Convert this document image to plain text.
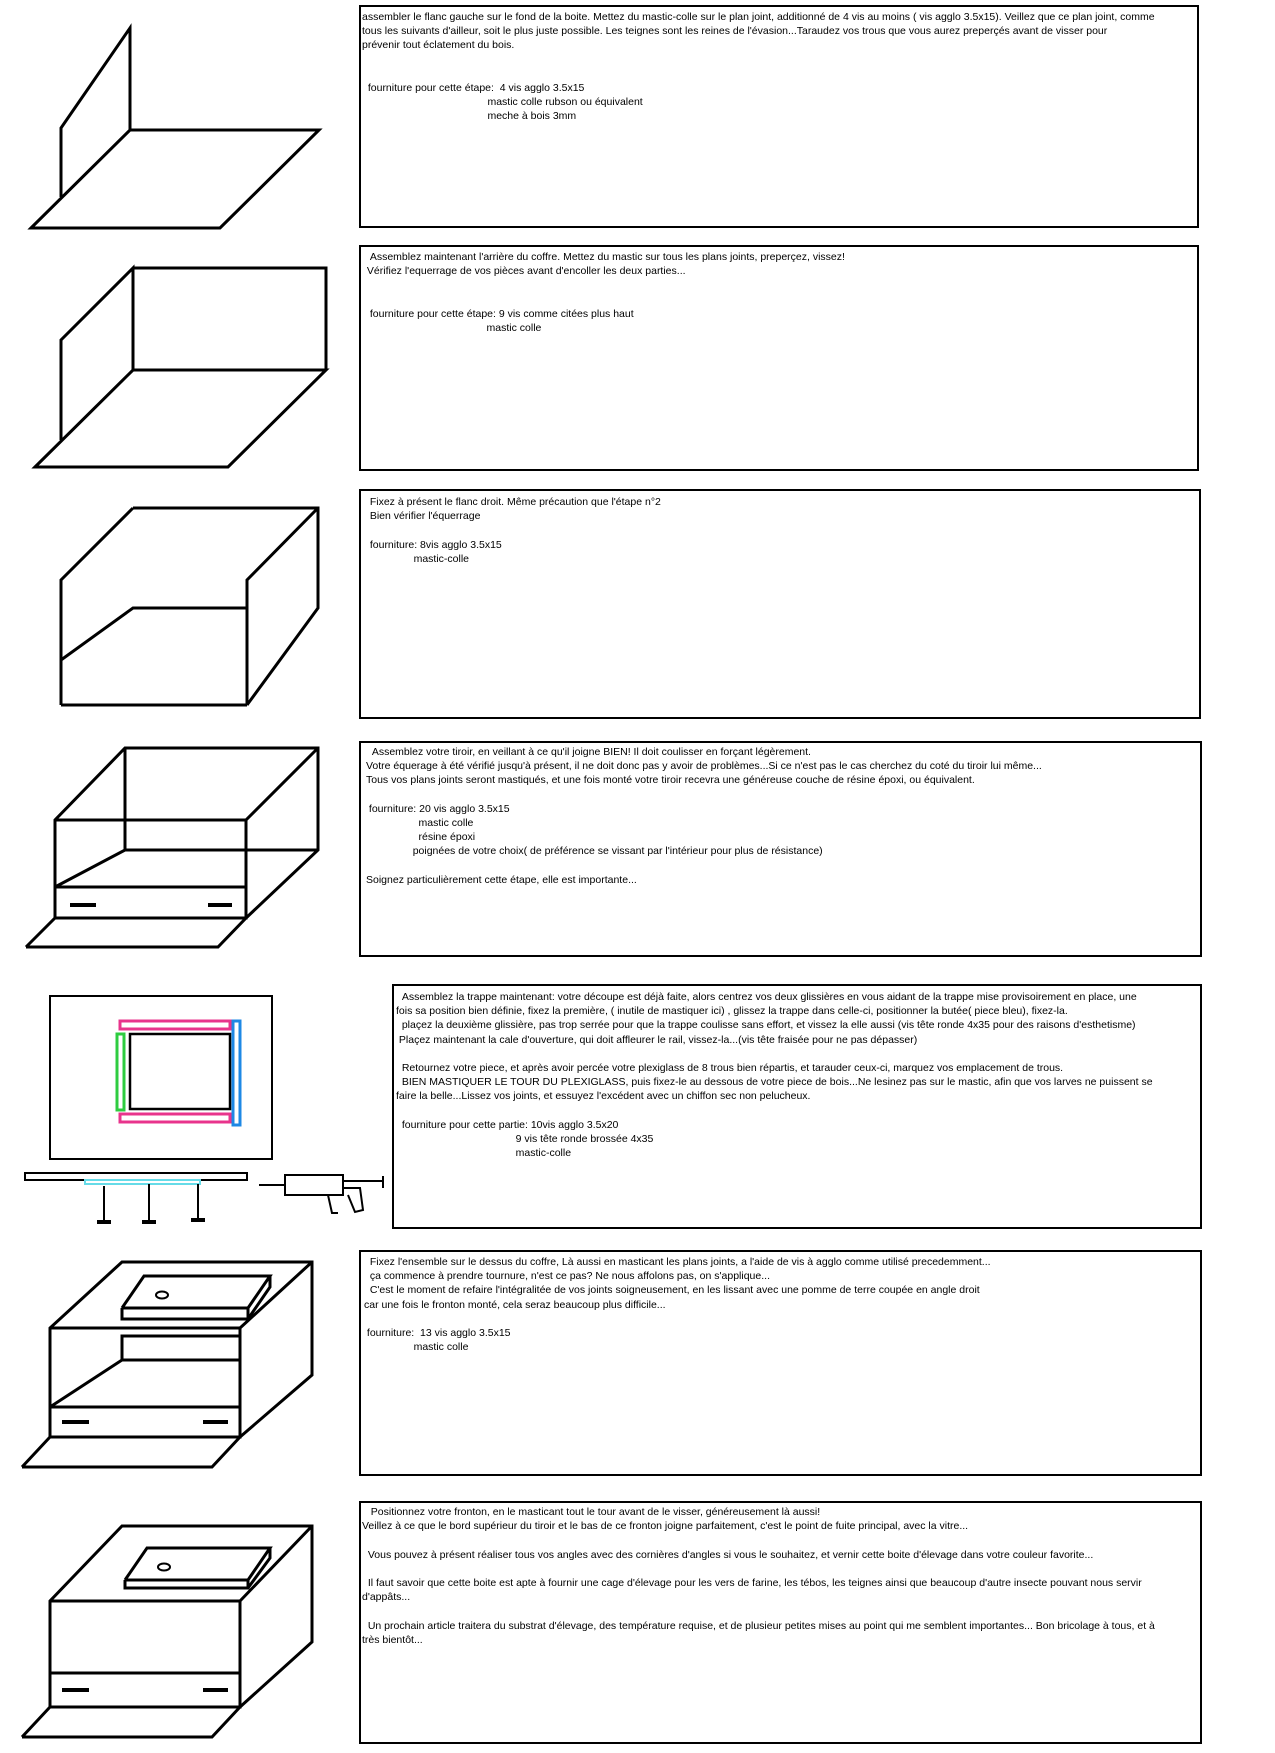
assembler le flanc gauche sur le fond de la boite. Mettez du mastic-colle sur le plan joint, additionné de 4 vis au moins ( vis agglo 3.5x15). Veillez que ce plan joint, comme
tous les suivants d'ailleur, soit le plus juste possible. Les teignes sont les reines de l'évasion...Taraudez vos trous que vous aurez preperçés avant de visser pour
prévenir tout éclatement du bois.

fourniture pour cette étape:  4 vis agglo 3.5x15
mastic colle rubson ou équivalent
meche à bois 3mm
Assemblez maintenant l'arrière du coffre. Mettez du mastic sur tous les plans joints, preperçez, vissez!
Vérifiez l'equerrage de vos pièces avant d'encoller les deux parties...

fourniture pour cette étape: 9 vis comme citées plus haut
mastic colle
Fixez à présent le flanc droit. Même précaution que l'étape n°2
Bien vérifier l'équerrage

fourniture: 8vis agglo 3.5x15
mastic-colle
Assemblez votre tiroir, en veillant à ce qu'il joigne BIEN! Il doit coulisser en forçant légèrement.
Votre équerage à été vérifié jusqu'à présent, il ne doit donc pas y avoir de problèmes...Si ce n'est pas le cas cherchez du coté du tiroir lui même...
Tous vos plans joints seront mastiqués, et une fois monté votre tiroir recevra une généreuse couche de résine époxi, ou équivalent.

fourniture: 20 vis agglo 3.5x15
mastic colle
résine époxi
poignées de votre choix( de préférence se vissant par l'intérieur pour plus de résistance)

Soignez particulièrement cette étape, elle est importante...
Assemblez la trappe maintenant: votre découpe est déjà faite, alors centrez vos deux glissières en vous aidant de la trappe mise provisoirement en place, une
fois sa position bien définie, fixez la première, ( inutile de mastiquer ici) , glissez la trappe dans celle-ci, positionner la butée( piece bleu), fixez-la.
plaçez la deuxième glissière, pas trop serrée pour que la trappe coulisse sans effort, et vissez la elle aussi (vis tête ronde 4x35 pour des raisons d'esthetisme)
Plaçez maintenant la cale d'ouverture, qui doit affleurer le rail, vissez-la...(vis tête fraisée pour ne pas dépasser)

Retournez votre piece, et après avoir percée votre plexiglass de 8 trous bien répartis, et tarauder ceux-ci, marquez vos emplacement de trous.
BIEN MASTIQUER LE TOUR DU PLEXIGLASS, puis fixez-le au dessous de votre piece de bois...Ne lesinez pas sur le mastic, afin que vos larves ne puissent se
faire la belle...Lissez vos joints, et essuyez l'excédent avec un chiffon sec non pelucheux.

fourniture pour cette partie: 10vis agglo 3.5x20
9 vis tête ronde brossée 4x35
mastic-colle
Fixez l'ensemble sur le dessus du coffre, Là aussi en masticant les plans joints, a l'aide de vis à agglo comme utilisé precedemment...
ça commence à prendre tournure, n'est ce pas? Ne nous affolons pas, on s'applique...
C'est le moment de refaire l'intégralitée de vos joints soigneusement, en les lissant avec une pomme de terre coupée en angle droit
car une fois le fronton monté, cela seraz beaucoup plus difficile...

fourniture:  13 vis agglo 3.5x15
mastic colle
Positionnez votre fronton, en le masticant tout le tour avant de le visser, généreusement là aussi!
Veillez à ce que le bord supérieur du tiroir et le bas de ce fronton joigne parfaitement, c'est le point de fuite principal, avec la vitre...

Vous pouvez à présent réaliser tous vos angles avec des cornières d'angles si vous le souhaitez, et vernir cette boite d'élevage dans votre couleur favorite...

Il faut savoir que cette boite est apte à fournir une cage d'élevage pour les vers de farine, les tébos, les teignes ainsi que beaucoup d'autre insecte pouvant nous servir
d'appâts...

Un prochain article traitera du substrat d'élevage, des température requise, et de plusieur petites mises au point qui me semblent importantes... Bon bricolage à tous, et à
très bientôt...
